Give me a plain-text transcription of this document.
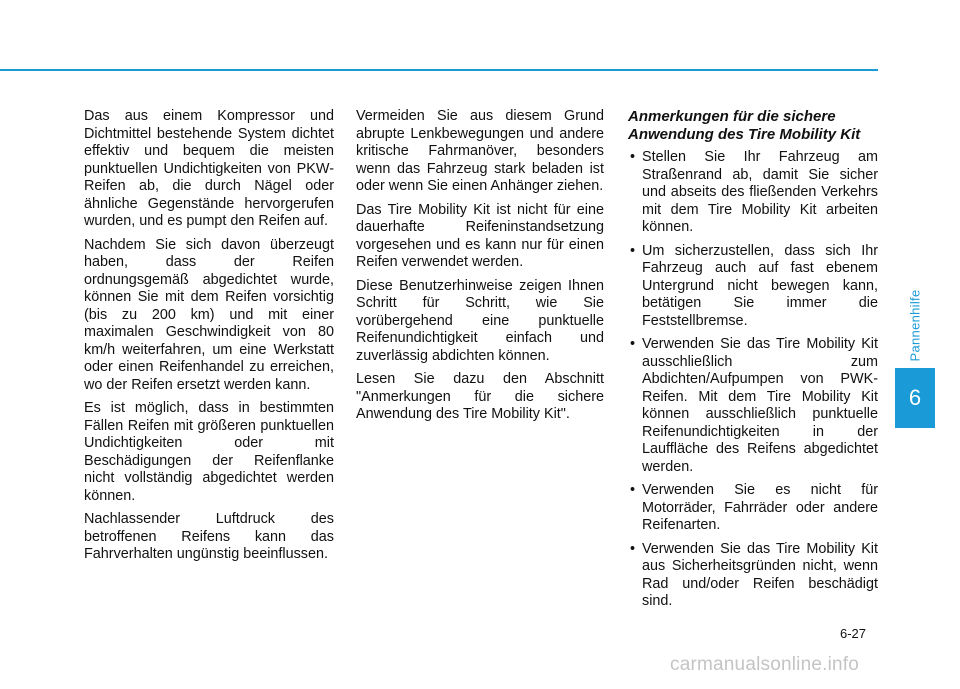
Pannenhilfe
6

Das aus einem Kompressor und Dichtmittel bestehende System dichtet effektiv und bequem die meisten punktuellen Undichtigkeiten von PKW-Reifen ab, die durch Nägel oder ähnliche Gegenstände hervorgerufen wurden, und es pumpt den Reifen auf.

Nachdem Sie sich davon überzeugt haben, dass der Reifen ordnungsgemäß abgedichtet wurde, können Sie mit dem Reifen vorsichtig (bis zu 200 km) und mit einer maximalen Geschwindigkeit von 80 km/h weiterfahren, um eine Werkstatt oder einen Reifenhandel zu erreichen, wo der Reifen ersetzt werden kann.

Es ist möglich, dass in bestimmten Fällen Reifen mit größeren punktuellen Undichtigkeiten oder mit Beschädigungen der Reifenflanke nicht vollständig abgedichtet werden können.

Nachlassender Luftdruck des betroffenen Reifens kann das Fahrverhalten ungünstig beeinflussen.

Vermeiden Sie aus diesem Grund abrupte Lenkbewegungen und andere kritische Fahrmanöver, besonders wenn das Fahrzeug stark beladen ist oder wenn Sie einen Anhänger ziehen.

Das Tire Mobility Kit ist nicht für eine dauerhafte Reifeninstandsetzung vorgesehen und es kann nur für einen Reifen verwendet werden.

Diese Benutzerhinweise zeigen Ihnen Schritt für Schritt, wie Sie vorübergehend eine punktuelle Reifenundichtigkeit einfach und zuverlässig abdichten können.

Lesen Sie dazu den Abschnitt "Anmerkungen für die sichere Anwendung des Tire Mobility Kit".

Anmerkungen für die sichere Anwendung des Tire Mobility Kit
• Stellen Sie Ihr Fahrzeug am Straßenrand ab, damit Sie sicher und abseits des fließenden Verkehrs mit dem Tire Mobility Kit arbeiten können.
• Um sicherzustellen, dass sich Ihr Fahrzeug auch auf fast ebenem Untergrund nicht bewegen kann, betätigen Sie immer die Feststellbremse.
• Verwenden Sie das Tire Mobility Kit ausschließlich zum Abdichten/Aufpumpen von PWK-Reifen. Mit dem Tire Mobility Kit können ausschließlich punktuelle Reifenundichtigkeiten in der Lauffläche des Reifens abgedichtet werden.
• Verwenden Sie es nicht für Motorräder, Fahrräder oder andere Reifenarten.
• Verwenden Sie das Tire Mobility Kit aus Sicherheitsgründen nicht, wenn Rad und/oder Reifen beschädigt sind.
6-27
carmanualsonline.info
